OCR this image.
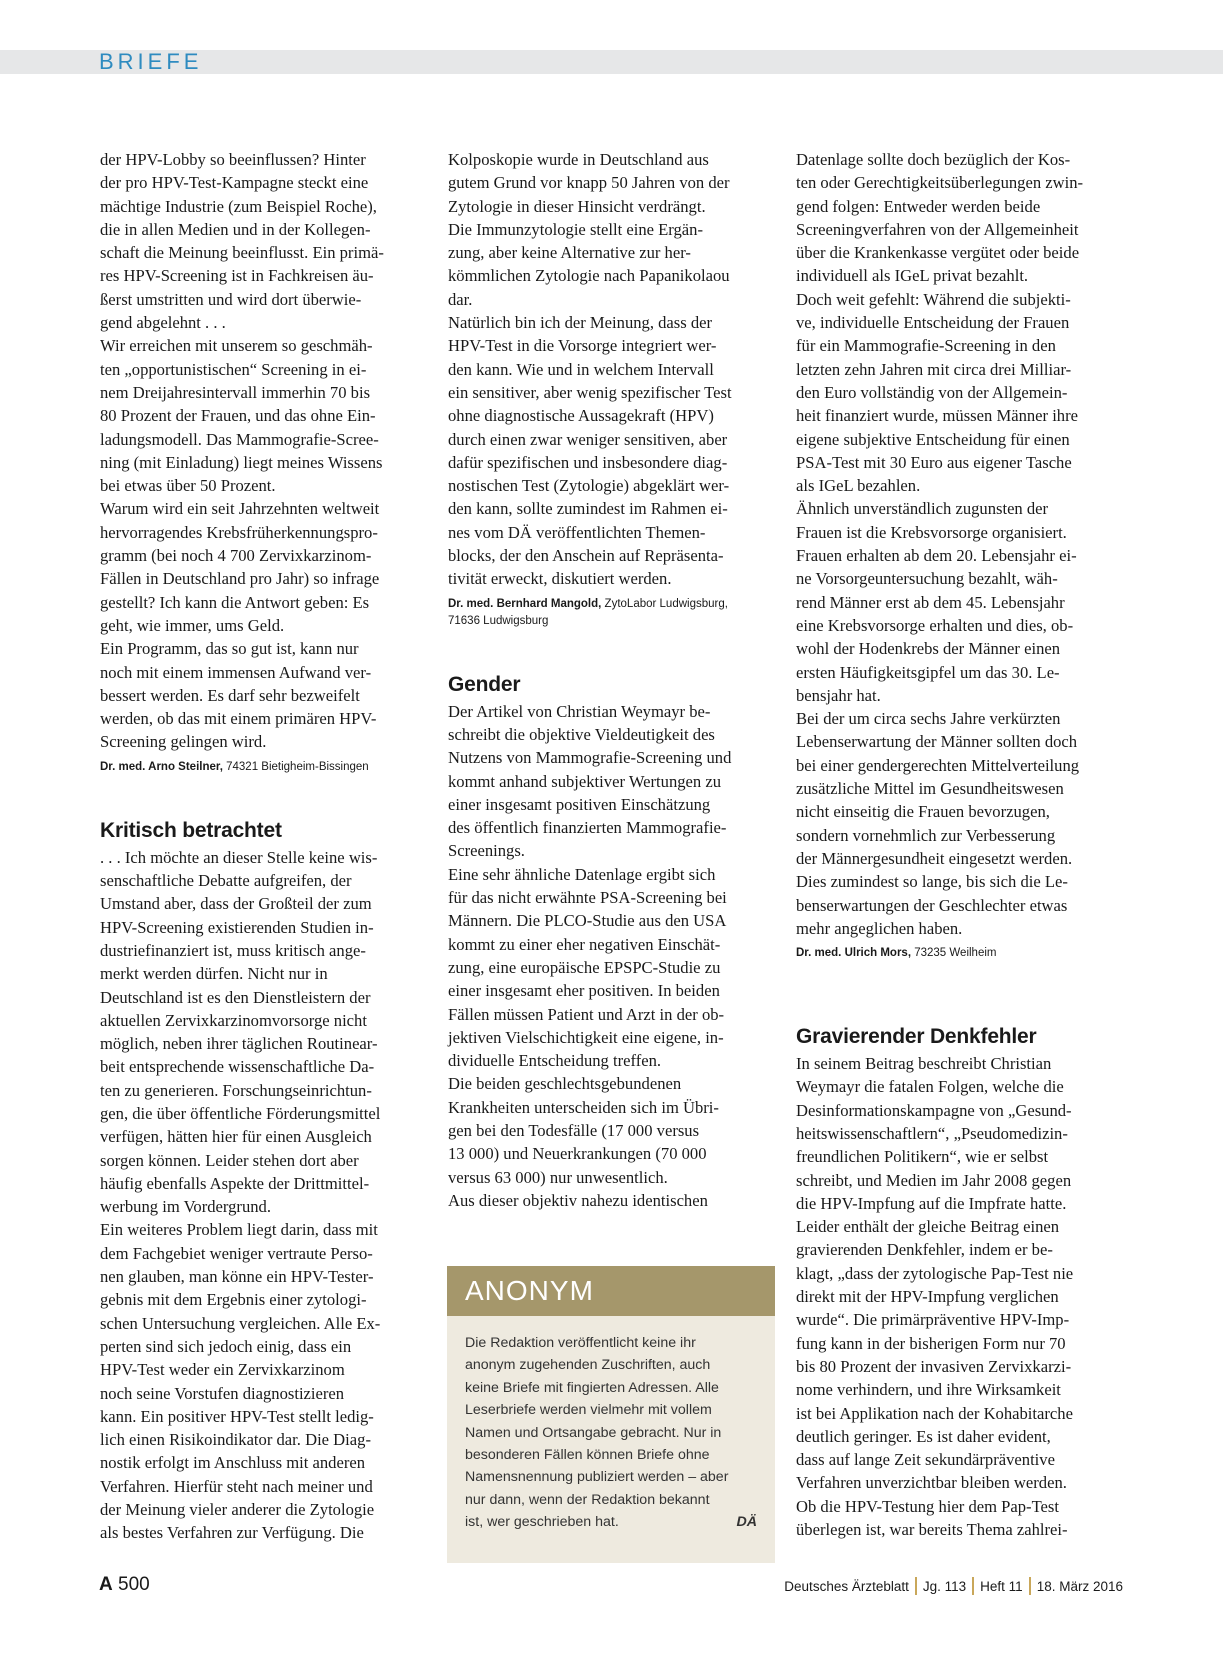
BRIEFE

der HPV-Lobby so beeinflussen? Hinter
der pro HPV-Test-Kampagne steckt eine
mächtige Industrie (zum Beispiel Roche),
die in allen Medien und in der Kollegen-
schaft die Meinung beeinflusst. Ein primä-
res HPV-Screening ist in Fachkreisen äu-
ßerst umstritten und wird dort überwie-
gend abgelehnt . . .
Wir erreichen mit unserem so geschmäh-
ten „opportunistischen“ Screening in ei-
nem Dreijahresintervall immerhin 70 bis
80 Prozent der Frauen, und das ohne Ein-
ladungsmodell. Das Mammografie-Scree-
ning (mit Einladung) liegt meines Wissens
bei etwas über 50 Prozent.
Warum wird ein seit Jahrzehnten weltweit
hervorragendes Krebsfrüherkennungspro-
gramm (bei noch 4 700 Zervixkarzinom-
Fällen in Deutschland pro Jahr) so infrage
gestellt? Ich kann die Antwort geben: Es
geht, wie immer, ums Geld.
Ein Programm, das so gut ist, kann nur
noch mit einem immensen Aufwand ver-
bessert werden. Es darf sehr bezweifelt
werden, ob das mit einem primären HPV-
Screening gelingen wird.

Dr. med. Arno Steilner, 74321 Bietigheim-Bissingen
Kritisch betrachtet

. . . Ich möchte an dieser Stelle keine wis-
senschaftliche Debatte aufgreifen, der
Umstand aber, dass der Großteil der zum
HPV-Screening existierenden Studien in-
dustriefinanziert ist, muss kritisch ange-
merkt werden dürfen. Nicht nur in
Deutschland ist es den Dienstleistern der
aktuellen Zervixkarzinomvorsorge nicht
möglich, neben ihrer täglichen Routinear-
beit entsprechende wissenschaftliche Da-
ten zu generieren. Forschungseinrichtun-
gen, die über öffentliche Förderungsmittel
verfügen, hätten hier für einen Ausgleich
sorgen können. Leider stehen dort aber
häufig ebenfalls Aspekte der Drittmittel-
werbung im Vordergrund.
Ein weiteres Problem liegt darin, dass mit
dem Fachgebiet weniger vertraute Perso-
nen glauben, man könne ein HPV-Tester-
gebnis mit dem Ergebnis einer zytologi-
schen Untersuchung vergleichen. Alle Ex-
perten sind sich jedoch einig, dass ein
HPV-Test weder ein Zervixkarzinom
noch seine Vorstufen diagnostizieren
kann. Ein positiver HPV-Test stellt ledig-
lich einen Risikoindikator dar. Die Diag-
nostik erfolgt im Anschluss mit anderen
Verfahren. Hierfür steht nach meiner und
der Meinung vieler anderer die Zytologie
als bestes Verfahren zur Verfügung. Die

Kolposkopie wurde in Deutschland aus
gutem Grund vor knapp 50 Jahren von der
Zytologie in dieser Hinsicht verdrängt.
Die Immunzytologie stellt eine Ergän-
zung, aber keine Alternative zur her-
kömmlichen Zytologie nach Papanikolaou
dar.
Natürlich bin ich der Meinung, dass der
HPV-Test in die Vorsorge integriert wer-
den kann. Wie und in welchem Intervall
ein sensitiver, aber wenig spezifischer Test
ohne diagnostische Aussagekraft (HPV)
durch einen zwar weniger sensitiven, aber
dafür spezifischen und insbesondere diag-
nostischen Test (Zytologie) abgeklärt wer-
den kann, sollte zumindest im Rahmen ei-
nes vom DÄ veröffentlichten Themen-
blocks, der den Anschein auf Repräsenta-
tivität erweckt, diskutiert werden.

Dr. med. Bernhard Mangold, ZytoLabor Ludwigsburg,
71636 Ludwigsburg
Gender

Der Artikel von Christian Weymayr be-
schreibt die objektive Vieldeutigkeit des
Nutzens von Mammografie-Screening und
kommt anhand subjektiver Wertungen zu
einer insgesamt positiven Einschätzung
des öffentlich finanzierten Mammografie-
Screenings.
Eine sehr ähnliche Datenlage ergibt sich
für das nicht erwähnte PSA-Screening bei
Männern. Die PLCO-Studie aus den USA
kommt zu einer eher negativen Einschät-
zung, eine europäische EPSPC-Studie zu
einer insgesamt eher positiven. In beiden
Fällen müssen Patient und Arzt in der ob-
jektiven Vielschichtigkeit eine eigene, in-
dividuelle Entscheidung treffen.
Die beiden geschlechtsgebundenen
Krankheiten unterscheiden sich im Übri-
gen bei den Todesfälle (17 000 versus
13 000) und Neuerkrankungen (70 000
versus 63 000) nur unwesentlich.
Aus dieser objektiv nahezu identischen

Datenlage sollte doch bezüglich der Kos-
ten oder Gerechtigkeitsüberlegungen zwin-
gend folgen: Entweder werden beide
Screeningverfahren von der Allgemeinheit
über die Krankenkasse vergütet oder beide
individuell als IGeL privat bezahlt.
Doch weit gefehlt: Während die subjekti-
ve, individuelle Entscheidung der Frauen
für ein Mammografie-Screening in den
letzten zehn Jahren mit circa drei Milliar-
den Euro vollständig von der Allgemein-
heit finanziert wurde, müssen Männer ihre
eigene subjektive Entscheidung für einen
PSA-Test mit 30 Euro aus eigener Tasche
als IGeL bezahlen.
Ähnlich unverständlich zugunsten der
Frauen ist die Krebsvorsorge organisiert.
Frauen erhalten ab dem 20. Lebensjahr ei-
ne Vorsorgeuntersuchung bezahlt, wäh-
rend Männer erst ab dem 45. Lebensjahr
eine Krebsvorsorge erhalten und dies, ob-
wohl der Hodenkrebs der Männer einen
ersten Häufigkeitsgipfel um das 30. Le-
bensjahr hat.
Bei der um circa sechs Jahre verkürzten
Lebenserwartung der Männer sollten doch
bei einer gendergerechten Mittelverteilung
zusätzliche Mittel im Gesundheitswesen
nicht einseitig die Frauen bevorzugen,
sondern vornehmlich zur Verbesserung
der Männergesundheit eingesetzt werden.
Dies zumindest so lange, bis sich die Le-
benserwartungen der Geschlechter etwas
mehr angeglichen haben.

Dr. med. Ulrich Mors, 73235 Weilheim
Gravierender Denkfehler

In seinem Beitrag beschreibt Christian
Weymayr die fatalen Folgen, welche die
Desinformationskampagne von „Gesund-
heitswissenschaftlern“, „Pseudomedizin-
freundlichen Politikern“, wie er selbst
schreibt, und Medien im Jahr 2008 gegen
die HPV-Impfung auf die Impfrate hatte.
Leider enthält der gleiche Beitrag einen
gravierenden Denkfehler, indem er be-
klagt, „dass der zytologische Pap-Test nie
direkt mit der HPV-Impfung verglichen
wurde“. Die primärpräventive HPV-Imp-
fung kann in der bisherigen Form nur 70
bis 80 Prozent der invasiven Zervixkarzi-
nome verhindern, und ihre Wirksamkeit
ist bei Applikation nach der Kohabitarche
deutlich geringer. Es ist daher evident,
dass auf lange Zeit sekundärpräventive
Verfahren unverzichtbar bleiben werden.
Ob die HPV-Testung hier dem Pap-Test
überlegen ist, war bereits Thema zahlrei-

ANONYM
Die Redaktion veröffentlicht keine ihr
anonym zugehenden Zuschriften, auch
keine Briefe mit fingierten Adressen. Alle
Leserbriefe werden vielmehr mit vollem
Namen und Ortsangabe gebracht. Nur in
besonderen Fällen können Briefe ohne
Namensnennung publiziert werden – aber
nur dann, wenn der Redaktion bekannt
ist, wer geschrieben hat.	DÄ
A 500	Deutsches Ärzteblatt Jg. 113 Heft 11 18. März 2016
